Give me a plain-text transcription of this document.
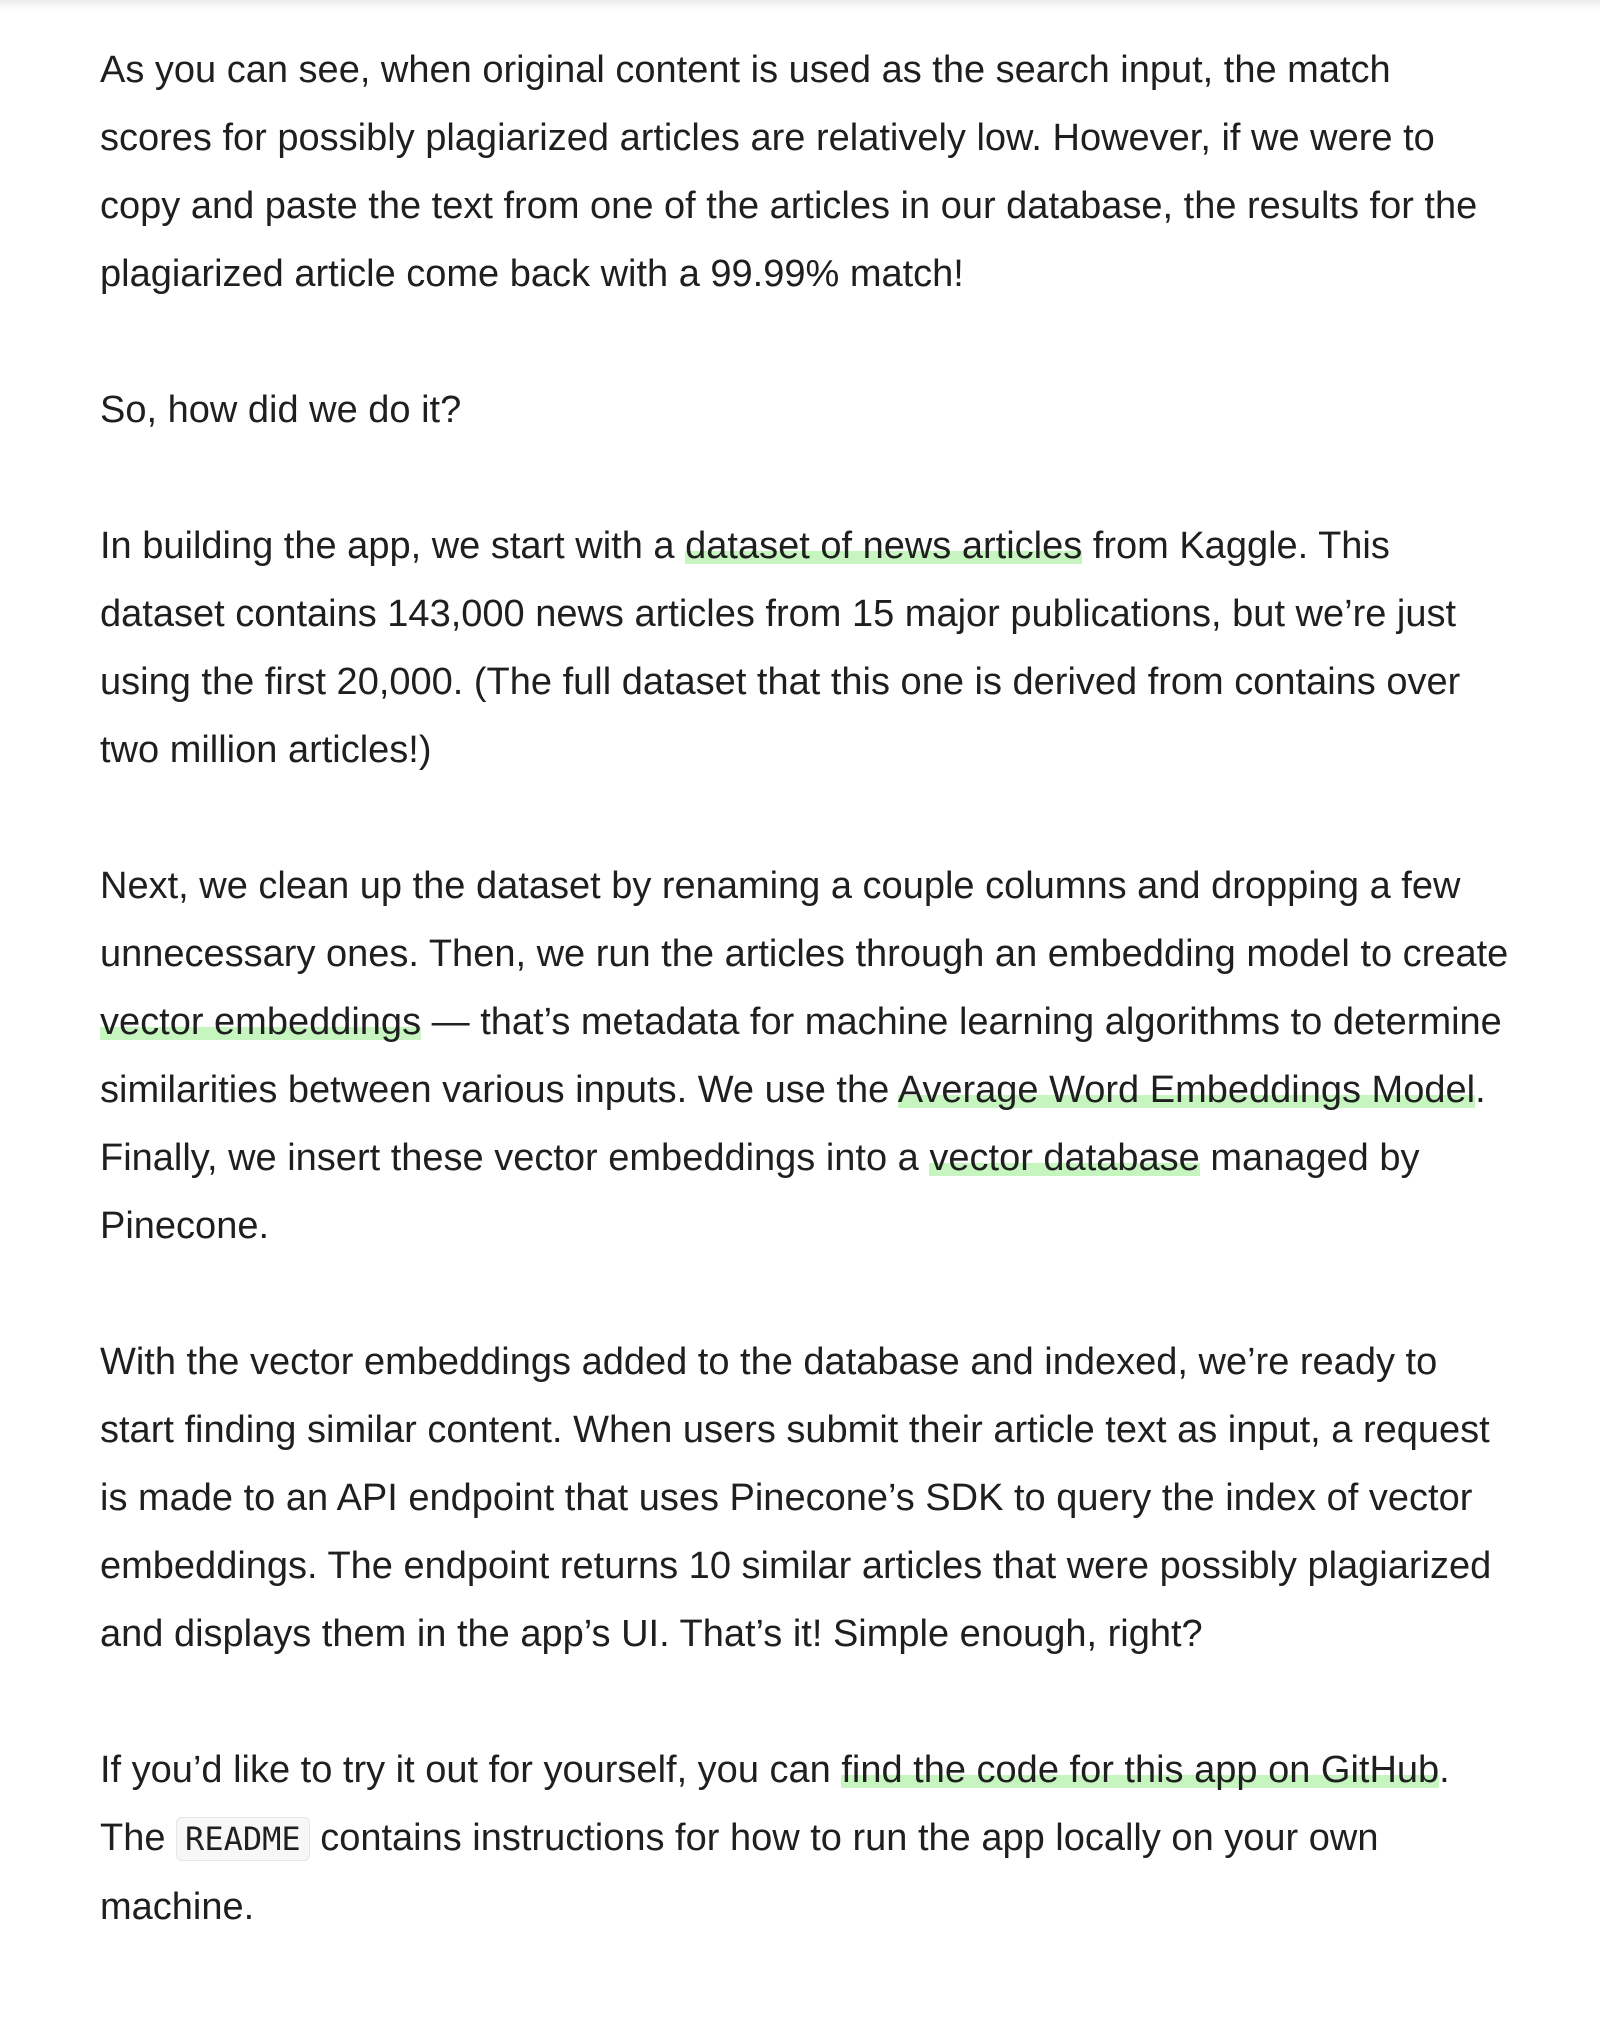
As you can see, when original content is used as the search input, the match scores for possibly plagiarized articles are relatively low. However, if we were to copy and paste the text from one of the articles in our database, the results for the plagiarized article come back with a 99.99% match!

So, how did we do it?

In building the app, we start with a dataset of news articles from Kaggle. This dataset contains 143,000 news articles from 15 major publications, but we’re just using the first 20,000. (The full dataset that this one is derived from contains over two million articles!)

Next, we clean up the dataset by renaming a couple columns and dropping a few unnecessary ones. Then, we run the articles through an embedding model to create vector embeddings — that’s metadata for machine learning algorithms to determine similarities between various inputs. We use the Average Word Embeddings Model. Finally, we insert these vector embeddings into a vector database managed by Pinecone.

With the vector embeddings added to the database and indexed, we’re ready to start finding similar content. When users submit their article text as input, a request is made to an API endpoint that uses Pinecone’s SDK to query the index of vector embeddings. The endpoint returns 10 similar articles that were possibly plagiarized and displays them in the app’s UI. That’s it! Simple enough, right?

If you’d like to try it out for yourself, you can find the code for this app on GitHub. The README contains instructions for how to run the app locally on your own machine.
